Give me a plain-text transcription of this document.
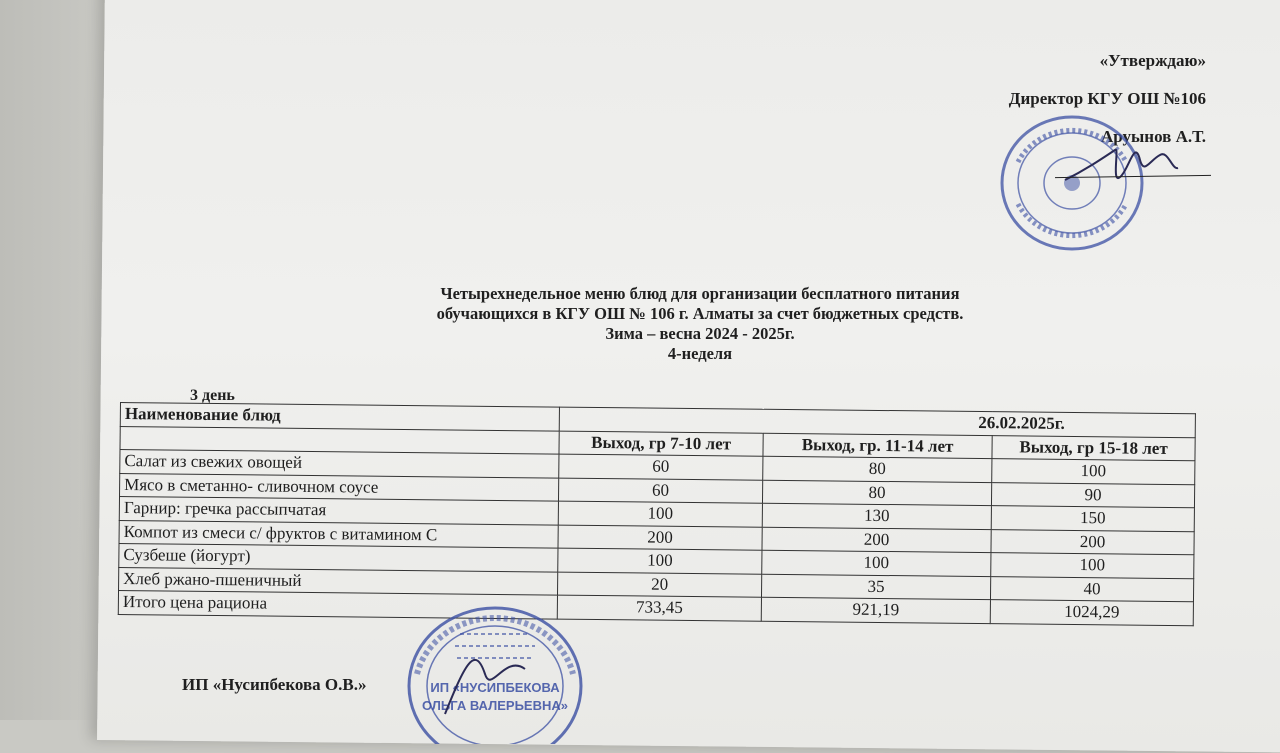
«Утверждаю»
Директор КГУ ОШ №106
Аруынов А.Т.
Четырехнедельное меню блюд для организации бесплатного питания
обучающихся в КГУ ОШ № 106 г. Алматы за счет бюджетных средств.
Зима – весна 2024 - 2025г.
4-неделя
3 день
Наименование блюд	26.02.2025г.		
	Выход, гр 7-10 лет	Выход, гр. 11-14 лет	Выход, гр 15-18 лет
Салат из свежих овощей	60	80	100
Мясо в сметанно- сливочном соусе	60	80	90
Гарнир: гречка рассыпчатая	100	130	150
Компот из смеси с/ фруктов с витамином С	200	200	200
Сузбеше (йогурт)	100	100	100
Хлеб ржано-пшеничный	20	35	40
Итого цена рациона	733,45	921,19	1024,29
ИП «Нусипбекова О.В.»	ИП «НУСИПБЕКОВА
ОЛЬГА ВАЛЕРЬЕВНА»
